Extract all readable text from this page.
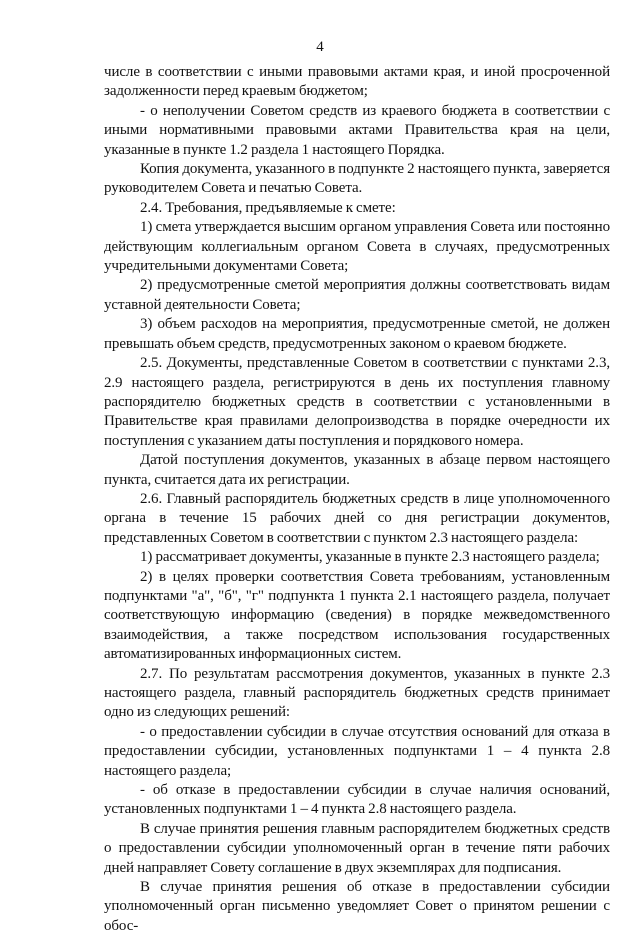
4

числе в соответствии с иными правовыми актами края, и иной просроченной задолженности перед краевым бюджетом;

- о неполучении Советом средств из краевого бюджета в соответствии с иными нормативными правовыми актами Правительства края на цели, указанные в пункте 1.2 раздела 1 настоящего Порядка.

Копия документа, указанного в подпункте 2 настоящего пункта, заверяется руководителем Совета и печатью Совета.

2.4. Требования, предъявляемые к смете:

1) смета утверждается высшим органом управления Совета или постоянно действующим коллегиальным органом Совета в случаях, предусмотренных учредительными документами Совета;

2) предусмотренные сметой мероприятия должны соответствовать видам уставной деятельности Совета;

3) объем расходов на мероприятия, предусмотренные сметой, не должен превышать объем средств, предусмотренных законом о краевом бюджете.

2.5. Документы, представленные Советом в соответствии с пунктами 2.3, 2.9 настоящего раздела, регистрируются в день их поступления главному распорядителю бюджетных средств в соответствии с установленными в Правительстве края правилами делопроизводства в порядке очередности их поступления с указанием даты поступления и порядкового номера.

Датой поступления документов, указанных в абзаце первом настоящего пункта, считается дата их регистрации.

2.6. Главный распорядитель бюджетных средств в лице уполномоченного органа в течение 15 рабочих дней со дня регистрации документов, представленных Советом в соответствии с пунктом 2.3 настоящего раздела:

1) рассматривает документы, указанные в пункте 2.3 настоящего раздела;

2) в целях проверки соответствия Совета требованиям, установленным подпунктами "а", "б", "г" подпункта 1 пункта 2.1 настоящего раздела, получает соответствующую информацию (сведения) в порядке межведомственного взаимодействия, а также посредством использования государственных автоматизированных информационных систем.

2.7. По результатам рассмотрения документов, указанных в пункте 2.3 настоящего раздела, главный распорядитель бюджетных средств принимает одно из следующих решений:

- о предоставлении субсидии в случае отсутствия оснований для отказа в предоставлении субсидии, установленных подпунктами 1 – 4 пункта 2.8 настоящего раздела;

- об отказе в предоставлении субсидии в случае наличия оснований, установленных подпунктами 1 – 4 пункта 2.8 настоящего раздела.

В случае принятия решения главным распорядителем бюджетных средств о предоставлении субсидии уполномоченный орган в течение пяти рабочих дней направляет Совету соглашение в двух экземплярах для подписания.

В случае принятия решения об отказе в предоставлении субсидии уполномоченный орган письменно уведомляет Совет о принятом решении с обос-
